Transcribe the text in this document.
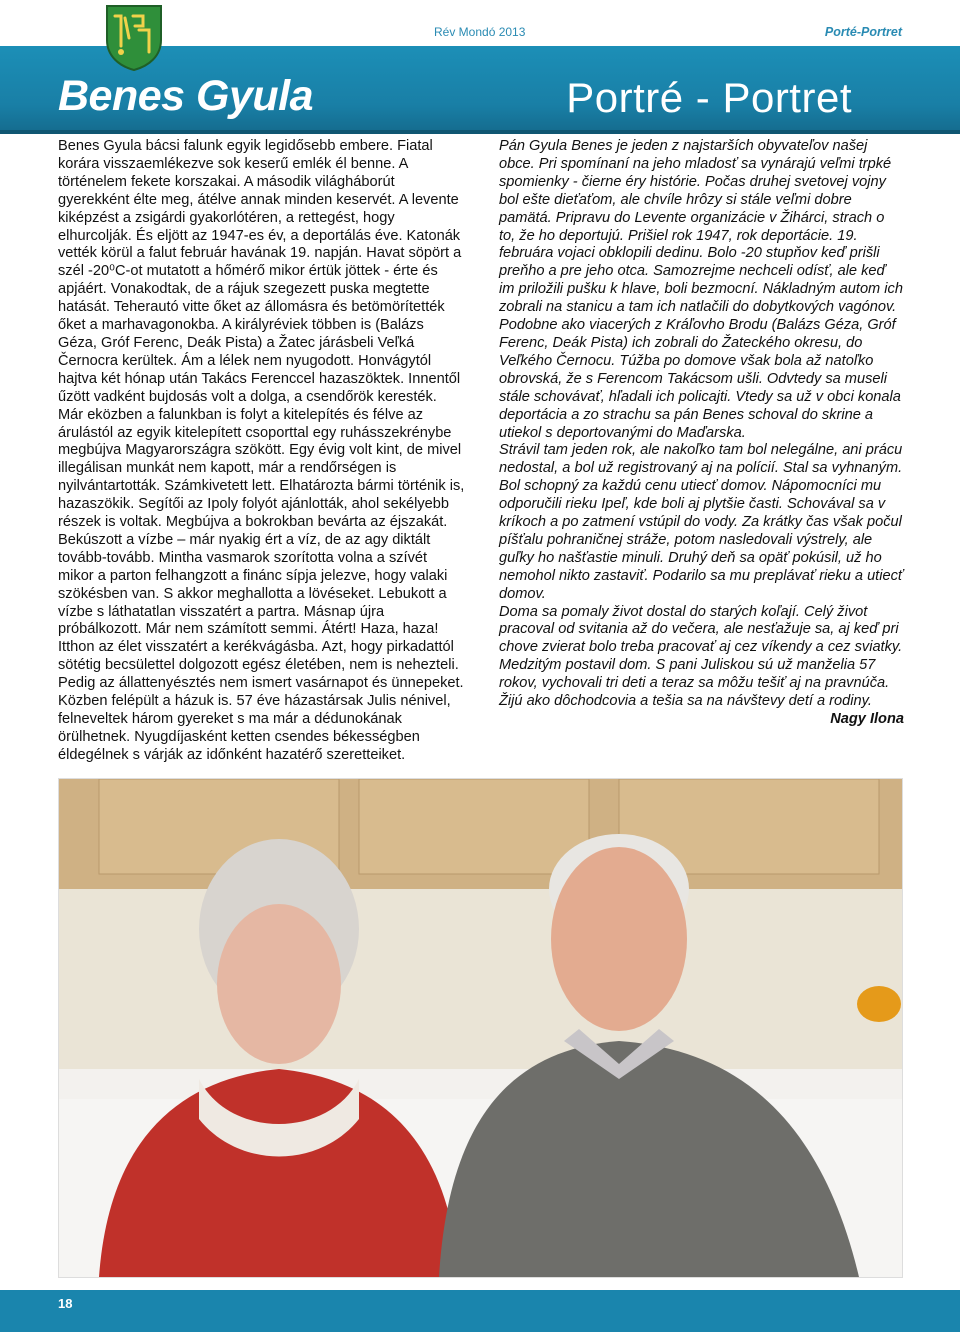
Rév Mondó 2013	Porté-Portret
Benes Gyula	Portré - Portret

Benes Gyula bácsi falunk egyik legidősebb embere. Fiatal korára visszaemlékezve sok keserű emlék él benne. A történelem fekete korszakai. A második világháborút gyerekként élte meg, átélve annak minden keservét. A levente kiképzést a zsigárdi gyakorlótéren, a rettegést, hogy elhurcolják. És eljött az 1947-es év, a deportálás éve. Katonák vették körül a falut február havának 19. napján. Havat söpört a szél -20⁰C-ot mutatott a hőmérő mikor értük jöttek - érte és apjáért. Vonakodtak, de a rájuk szegezett puska megtette hatását. Teherautó vitte őket az állomásra és betömörítették őket a marhavagonokba. A királyréviek többen is (Balázs Géza, Gróf Ferenc, Deák Pista) a Žatec járásbeli Veľká Černocra kerültek. Ám a lélek nem nyugodott. Honvágytól hajtva két hónap után Takács Ferenccel hazaszöktek. Innentől űzött vadként bujdosás volt a dolga, a csendőrök keresték. Már eközben a falunkban is folyt a kitelepítés és félve az árulástól az egyik kitelepített csoporttal egy ruhásszekrénybe megbújva Magyarországra szökött. Egy évig volt kint, de mivel illegálisan munkát nem kapott, már a rendőrségen is nyilvántartották. Számkivetett lett. Elhatározta bármi történik is, hazaszökik. Segítői az Ipoly folyót ajánlották, ahol sekélyebb részek is voltak. Megbújva a bokrokban bevárta az éjszakát. Bekúszott a vízbe – már nyakig ért a víz, de az agy diktált tovább-tovább. Mintha vasmarok szorította volna a szívét mikor a parton felhangzott a finánc sípja jelezve, hogy valaki szökésben van. S akkor meghallotta a lövéseket. Lebukott a vízbe s láthatatlan visszatért a partra. Másnap újra próbálkozott. Már nem számított semmi. Átért! Haza, haza! Itthon az élet visszatért a kerékvágásba. Azt, hogy pirkadattól sötétig becsülettel dolgozott egész életében, nem is nehezteli. Pedig az állattenyésztés nem ismert vasárnapot és ünnepeket. Közben felépült a házuk is. 57 éve házastársak Julis nénivel, felneveltek három gyereket s ma már a dédunokának örülhetnek. Nyugdíjasként ketten csendes békességben éldegélnek s várják az időnként hazatérő szeretteiket.

Pán Gyula Benes je jeden z najstarších obyvateľov našej obce. Pri spomínaní na jeho mladosť sa vynárajú veľmi trpké spomienky - čierne éry histórie. Počas druhej svetovej vojny bol ešte dieťaťom, ale chvíle hrôzy si stále veľmi dobre pamätá. Pripravu do Levente organizácie v Žihárci, strach o to, že ho deportujú. Prišiel rok 1947, rok deportácie. 19. februára vojaci obklopili dedinu. Bolo -20 stupňov keď prišli preňho a pre jeho otca. Samozrejme nechceli odísť, ale keď im priložili pušku k hlave, boli bezmocní. Nákladným autom ich zobrali na stanicu a tam ich natlačili do dobytkových vagónov. Podobne ako viacerých z Kráľovho Brodu (Balázs Géza, Gróf Ferenc, Deák Pista) ich zobrali do Žateckého okresu, do Veľkého Černocu. Túžba po domove však bola až natoľko obrovská, že s Ferencom Takácsom ušli. Odvtedy sa museli stále schovávať, hľadali ich policajti. Vtedy sa už v obci konala deportácia a zo strachu sa pán Benes schoval do skrine a utiekol s deportovanými do Maďarska.

Strávil tam jeden rok, ale nakoľko tam bol nelegálne, ani prácu nedostal, a bol už registrovaný aj na polícií. Stal sa vyhnaným. Bol schopný za každú cenu utiecť domov. Nápomocníci mu odporučili rieku Ipeľ, kde boli aj plytšie časti. Schovával sa v kríkoch a po zatmení vstúpil do vody. Za krátky čas však počul píšťalu pohraničnej stráže, potom nasledovali výstrely, ale guľky ho našťastie minuli. Druhý deň sa opäť pokúsil, už ho nemohol nikto zastaviť. Podarilo sa mu preplávať rieku a utiecť domov.

Doma sa pomaly život dostal do starých koľají. Celý život pracoval od svitania až do večera, ale nesťažuje sa, aj keď pri chove zvierat bolo treba pracovať aj cez víkendy a cez sviatky. Medzitým postavil dom. S pani Juliskou sú už manželia 57 rokov, vychovali tri deti a teraz sa môžu tešiť aj na pravnúča. Žijú ako dôchodcovia a tešia sa na návštevy detí a rodiny.

Nagy Ilona

18
